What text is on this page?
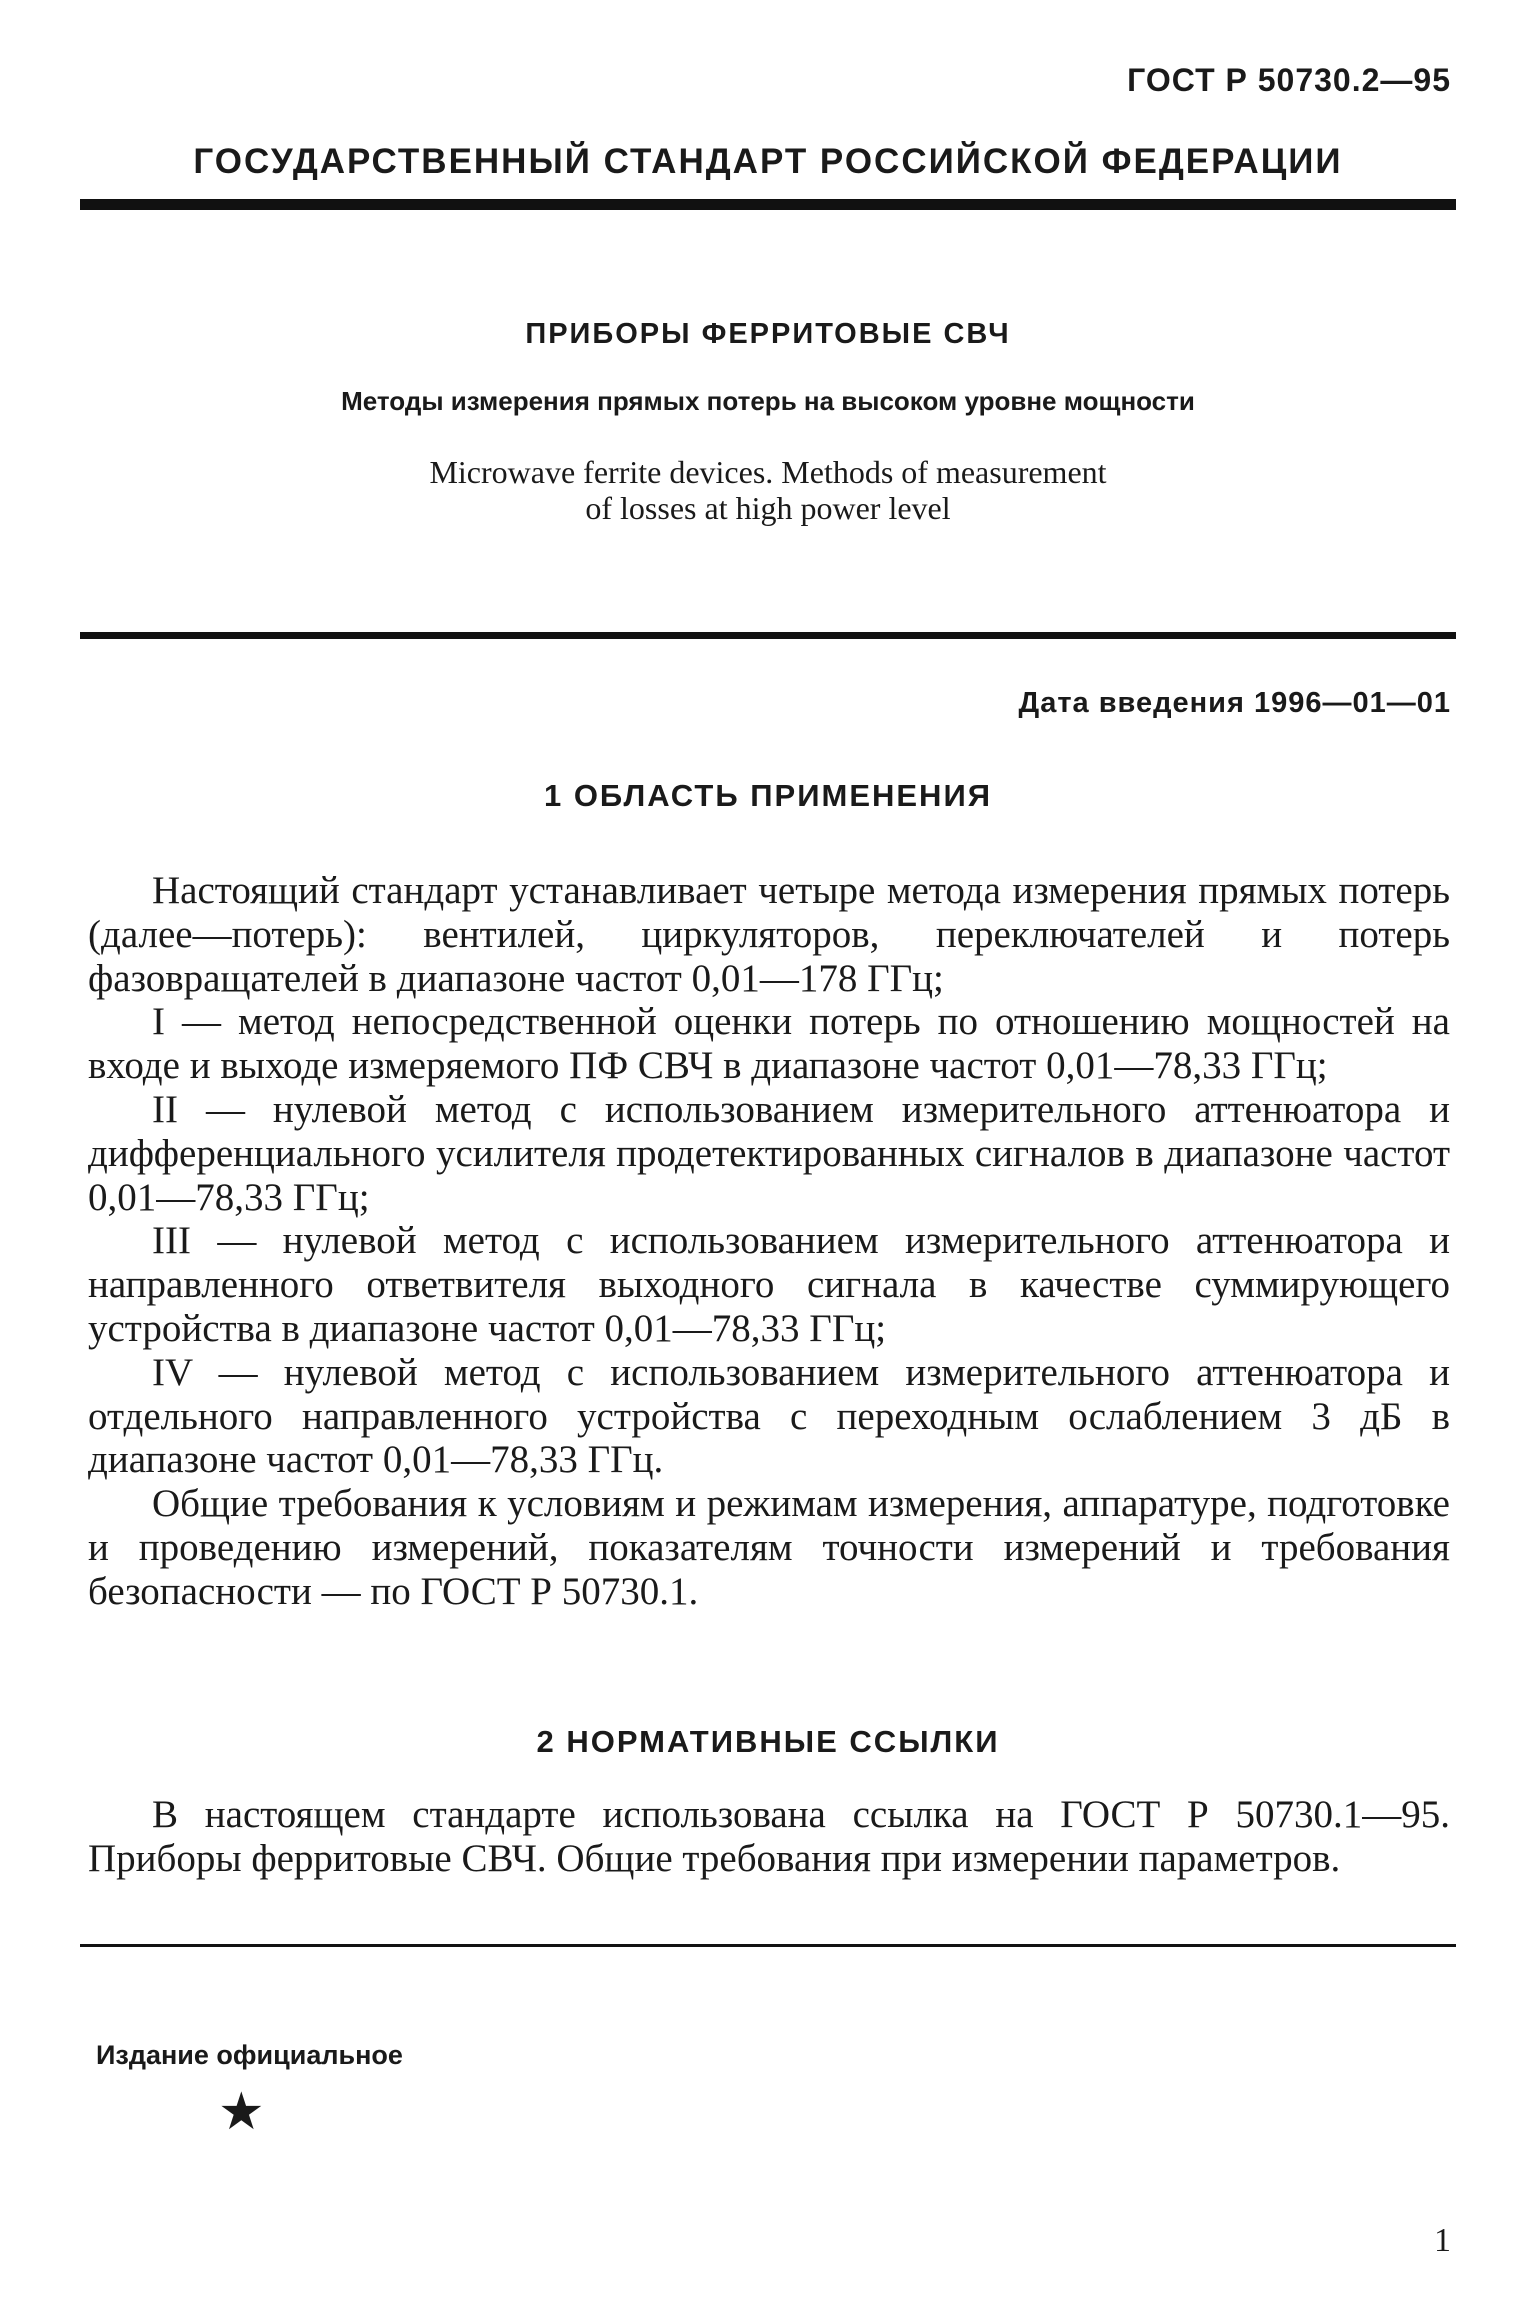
ГОСТ Р 50730.2—95
ГОСУДАРСТВЕННЫЙ СТАНДАРТ РОССИЙСКОЙ ФЕДЕРАЦИИ
ПРИБОРЫ ФЕРРИТОВЫЕ СВЧ
Методы измерения прямых потерь на высоком уровне мощности
Microwave ferrite devices. Methods of measurement
of losses at high power level
Дата введения 1996—01—01
1 ОБЛАСТЬ ПРИМЕНЕНИЯ

Настоящий стандарт устанавливает четыре метода измерения прямых потерь (далее—потерь): вентилей, циркуляторов, переключателей и потерь фазовращателей в диапазоне частот 0,01—178 ГГц;

I — метод непосредственной оценки потерь по отношению мощностей на входе и выходе измеряемого ПФ СВЧ в диапазоне частот 0,01—78,33 ГГц;

II — нулевой метод с использованием измерительного аттенюатора и дифференциального усилителя продетектированных сигналов в диапазоне частот 0,01—78,33 ГГц;

III — нулевой метод с использованием измерительного аттенюатора и направленного ответвителя выходного сигнала в качестве суммирующего устройства в диапазоне частот 0,01—78,33 ГГц;

IV — нулевой метод с использованием измерительного аттенюатора и отдельного направленного устройства с переходным ослаблением 3 дБ в диапазоне частот 0,01—78,33 ГГц.

Общие требования к условиям и режимам измерения, аппаратуре, подготовке и проведению измерений, показателям точности измерений и требования безопасности — по ГОСТ Р 50730.1.

2 НОРМАТИВНЫЕ ССЫЛКИ

В настоящем стандарте использована ссылка на ГОСТ Р 50730.1—95. Приборы ферритовые СВЧ. Общие требования при измерении параметров.

Издание официальное
★
1
